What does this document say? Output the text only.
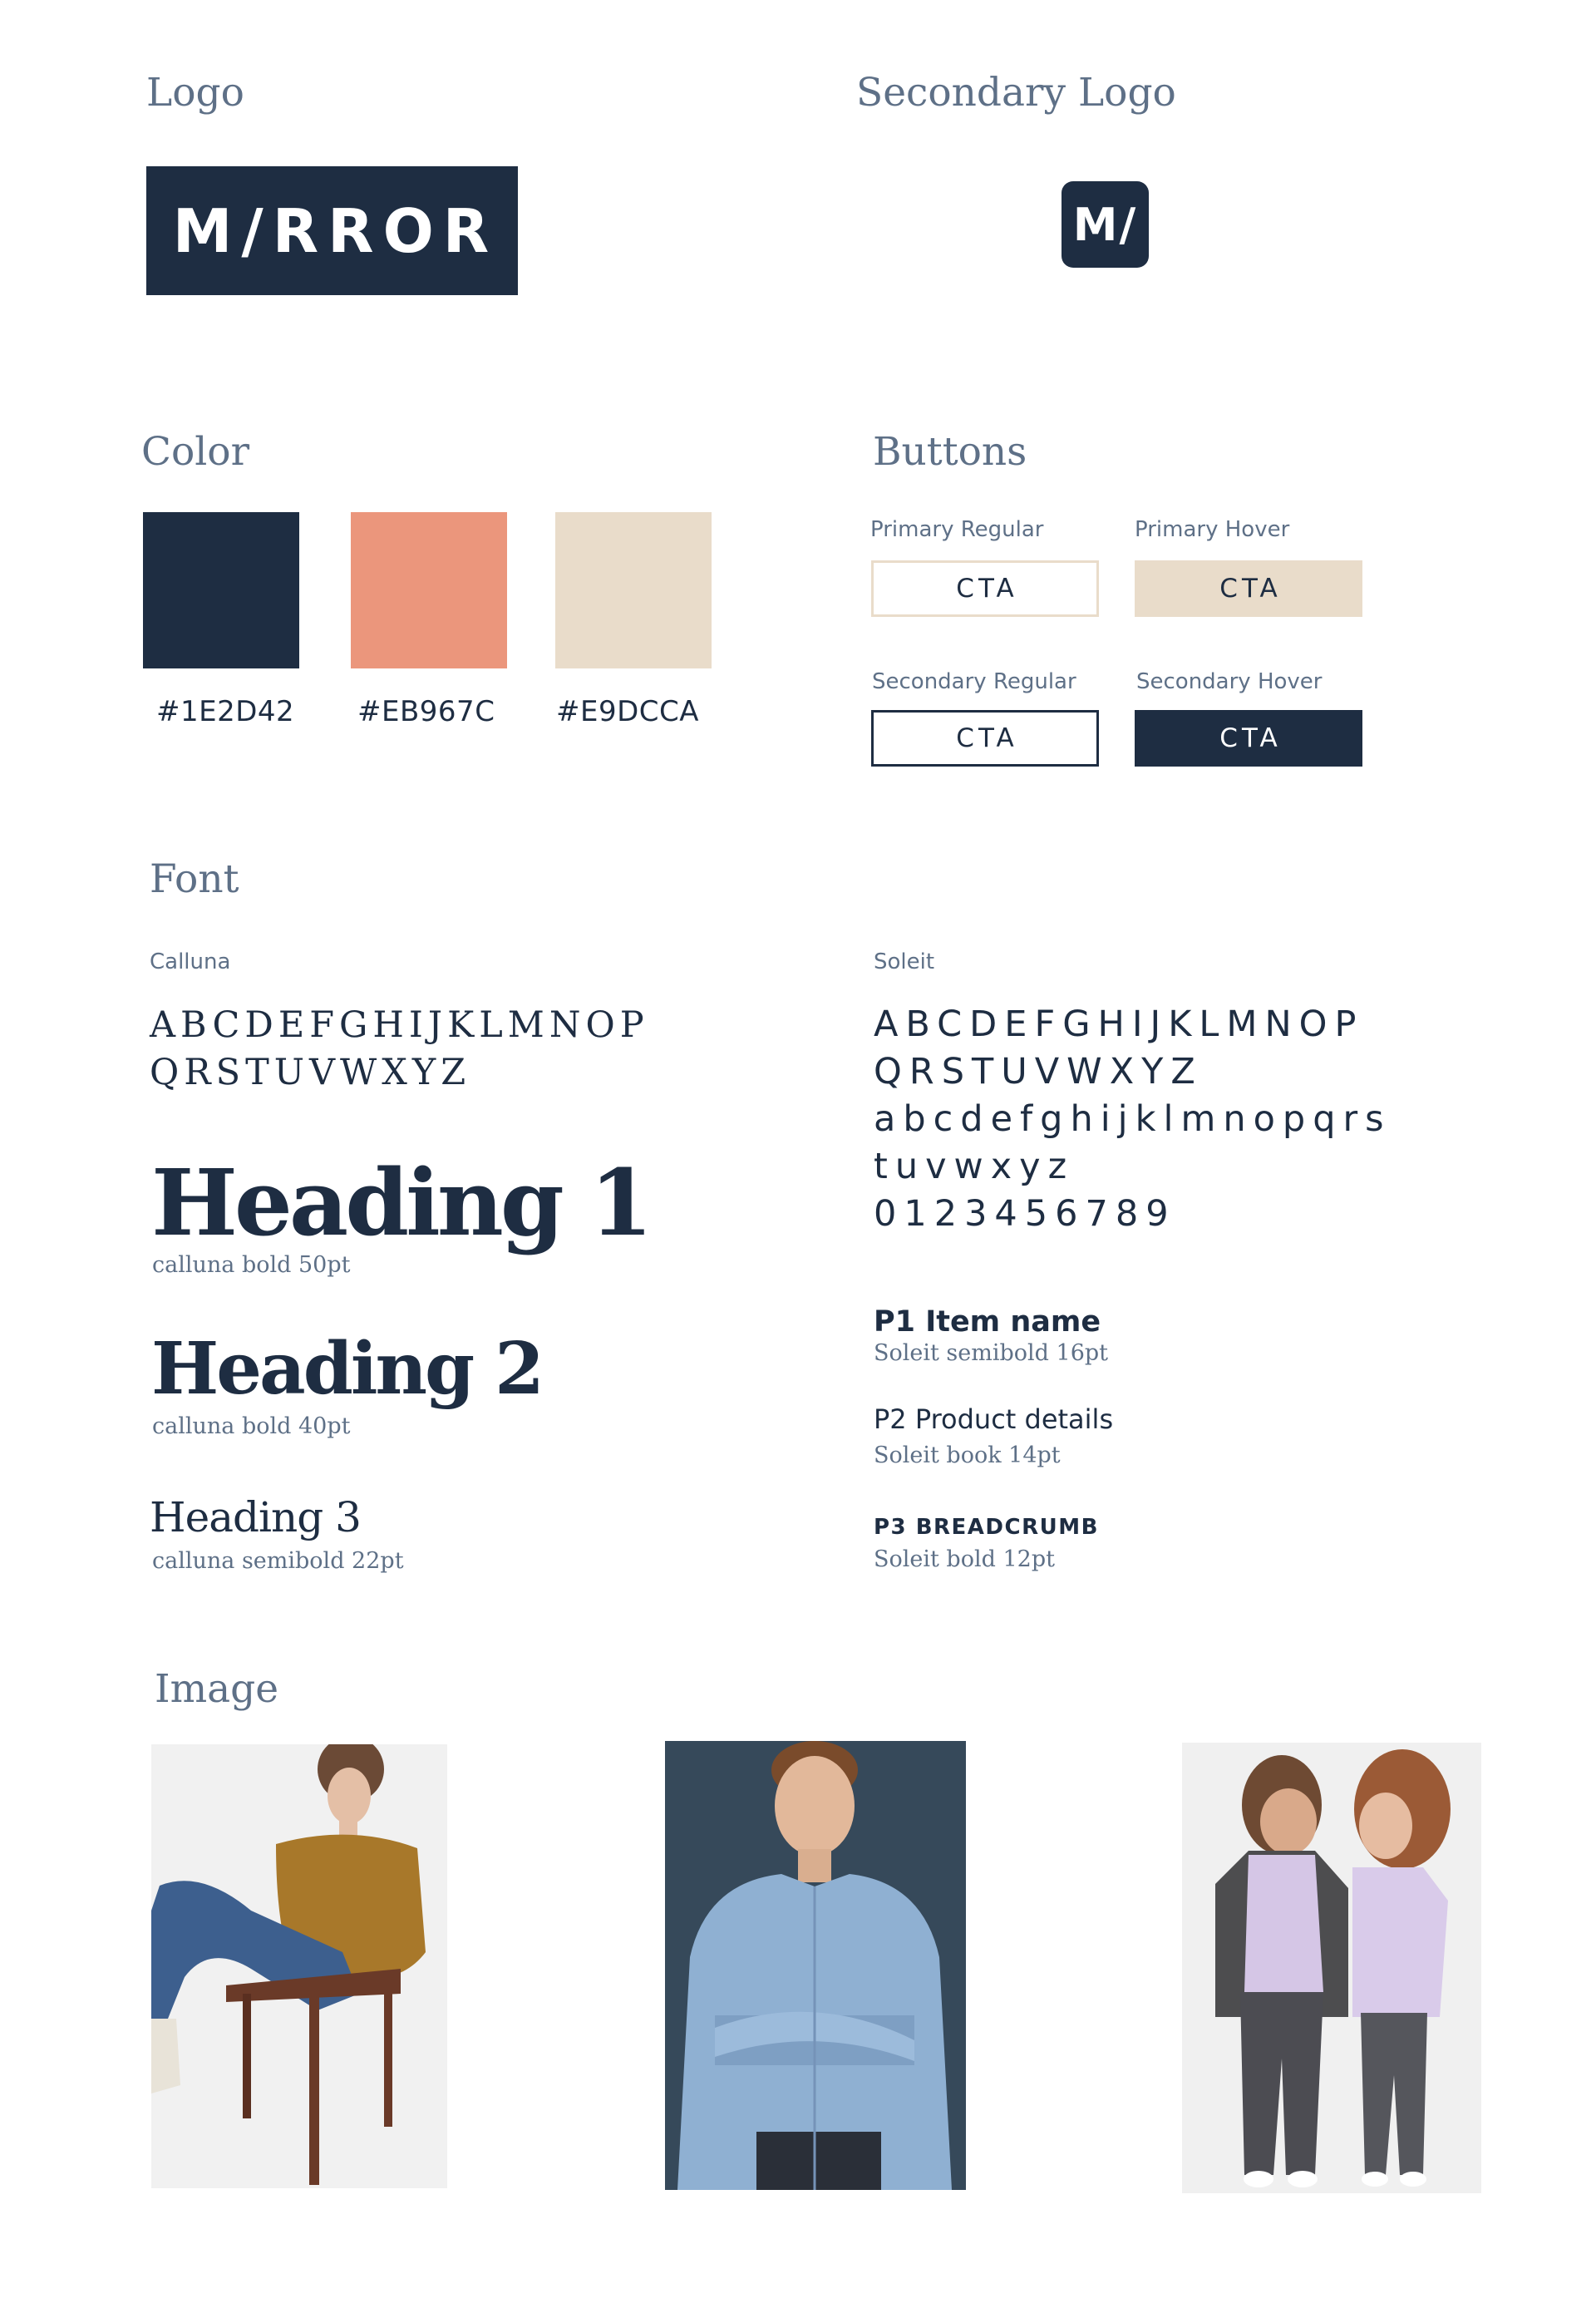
Logo
M/RROR
Secondary Logo
M/
Color
#1E2D42 #EB967C #E9DCCA
Buttons
Primary Regular
CTA
Primary Hover
CTA
Secondary Regular
CTA
Secondary Hover
CTA
Font
Calluna
ABCDEFGHIJKLMNOP
QRSTUVWXYZ
Heading 1
calluna bold 50pt
Heading 2
calluna bold 40pt
Heading 3
calluna semibold 22pt
Soleit
ABCDEFGHIJKLMNOP
QRSTUVWXYZ
abcdefghijklmnopqrs
tuvwxyz
0123456789
P1 Item name
Soleit semibold 16pt
P2 Product details
Soleit book 14pt
P3 BREADCRUMB
Soleit bold 12pt
Image
